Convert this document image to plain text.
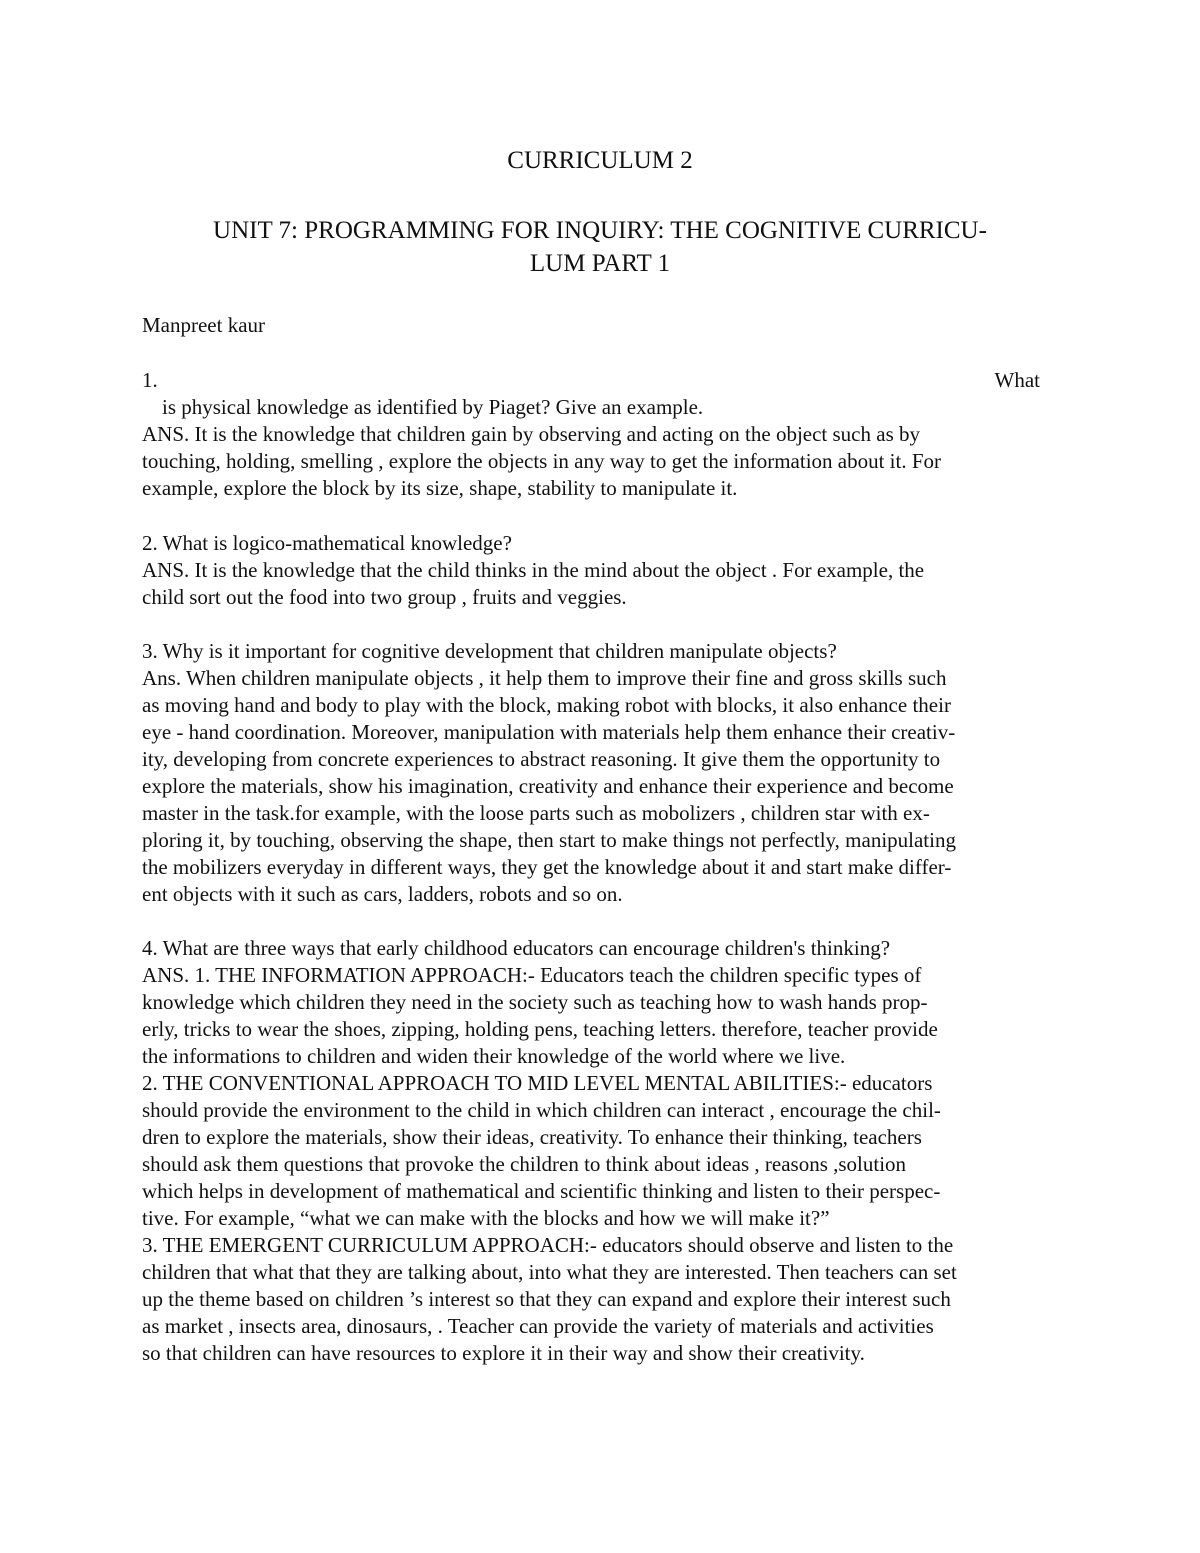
CURRICULUM 2
UNIT 7: PROGRAMMING FOR INQUIRY: THE COGNITIVE CURRICU-
LUM PART 1
Manpreet kaur
1.	What
is physical knowledge as identified by Piaget? Give an example.
ANS. It is the knowledge that children gain by observing and acting on the object such as by
touching, holding, smelling , explore the objects in any way to get the information about it. For
example, explore the block by its size, shape, stability to manipulate it.
2. What is logico-mathematical knowledge?
ANS. It is the knowledge that the child thinks in the mind about the object . For example, the
child sort out the food into two group , fruits and veggies.
3. Why is it important for cognitive development that children manipulate objects?
Ans. When children manipulate objects , it help them to improve their fine and gross skills such
as moving hand and body to play with the block, making robot with blocks, it also enhance their
eye - hand coordination. Moreover, manipulation with materials help them enhance their creativ-
ity, developing from concrete experiences to abstract reasoning. It give them the opportunity to
explore the materials, show his imagination, creativity and enhance their experience and become
master in the task.for example, with the loose parts such as mobolizers , children star with ex-
ploring it, by touching, observing the shape, then start to make things not perfectly, manipulating
the mobilizers everyday in different ways, they get the knowledge about it and start make differ-
ent objects with it such as cars, ladders, robots and so on.
4. What are three ways that early childhood educators can encourage children's thinking?
ANS. 1. THE INFORMATION APPROACH:- Educators teach the children specific types of
knowledge which children they need in the society such as teaching how to wash hands prop-
erly, tricks to wear the shoes, zipping, holding pens, teaching letters. therefore, teacher provide
the informations to children and widen their knowledge of the world where we live.
2. THE CONVENTIONAL APPROACH TO MID LEVEL MENTAL ABILITIES:- educators
should provide the environment to the child in which children can interact , encourage the chil-
dren to explore the materials, show their ideas, creativity. To enhance their thinking, teachers
should ask them questions that provoke the children to think about ideas , reasons ,solution
which helps in development of mathematical and scientific thinking and listen to their perspec-
tive. For example, “what we can make with the blocks and how we will make it?”
3. THE EMERGENT CURRICULUM APPROACH:- educators should observe and listen to the
children that what that they are talking about, into what they are interested. Then teachers can set
up the theme based on children ’s interest so that they can expand and explore their interest such
as market , insects area, dinosaurs, . Teacher can provide the variety of materials and activities
so that children can have resources to explore it in their way and show their creativity.
